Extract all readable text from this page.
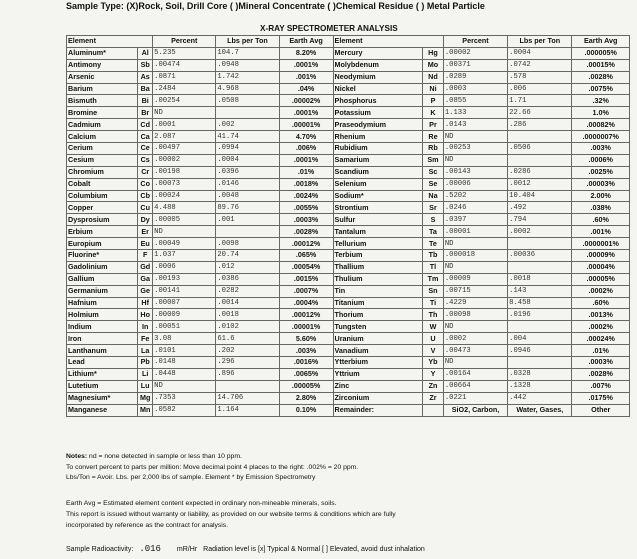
Sample Type: (X)Rock, Soil, Drill Core ( )Mineral Concentrate ( )Chemical Residue ( ) Metal Particle
X-RAY SPECTROMETER ANALYSIS
Element		Percent	Lbs per Ton	Earth Avg	Element		Percent	Lbs per Ton	Earth Avg
Aluminum*	Al	5.235	104.7	8.20%	Mercury	Hg	.00002	.0004	.000005%
Antimony	Sb	.00474	.0948	.0001%	Molybdenum	Mo	.00371	.0742	.00015%
Arsenic	As	.0871	1.742	.001%	Neodymium	Nd	.0289	.578	.0028%
Barium	Ba	.2484	4.968	.04%	Nickel	Ni	.0003	.006	.0075%
Bismuth	Bi	.00254	.0508	.00002%	Phosphorus	P	.0855	1.71	.32%
Bromine	Br	ND		.0001%	Potassium	K	1.133	22.66	1.0%
Cadmium	Cd	.0001	.002	.00001%	Praseodymium	Pr	.0143	.286	.00082%
Calcium	Ca	2.087	41.74	4.70%	Rhenium	Re	ND		.0000007%
Cerium	Ce	.00497	.0994	.006%	Rubidium	Rb	.00253	.0506	.003%
Cesium	Cs	.00002	.0004	.0001%	Samarium	Sm	ND		.0006%
Chromium	Cr	.00198	.0396	.01%	Scandium	Sc	.00143	.0286	.0025%
Cobalt	Co	.00073	.0146	.0018%	Selenium	Se	.00006	.0012	.00003%
Columbium	Cb	.00024	.0048	.0024%	Sodium*	Na	.5202	10.404	2.00%
Copper	Cu	4.488	89.76	.0055%	Strontium	Sr	.0246	.492	.038%
Dysprosium	Dy	.00005	.001	.0003%	Sulfur	S	.0397	.794	.60%
Erbium	Er	ND		.0028%	Tantalum	Ta	.00001	.0002	.001%
Europium	Eu	.00049	.0098	.00012%	Tellurium	Te	ND		.0000001%
Fluorine*	F	1.037	20.74	.065%	Terbium	Tb	.000018	.00036	.00009%
Gadolinium	Gd	.0006	.012	.00054%	Thallium	Tl	ND		.00004%
Gallium	Ga	.00193	.0386	.0015%	Thulium	Tm	.00009	.0018	.00005%
Germanium	Ge	.00141	.0282	.0007%	Tin	Sn	.00715	.143	.0002%
Hafnium	Hf	.00007	.0014	.0004%	Titanium	Ti	.4229	8.458	.60%
Holmium	Ho	.00009	.0018	.00012%	Thorium	Th	.00098	.0196	.0013%
Indium	In	.00051	.0102	.00001%	Tungsten	W	ND		.0002%
Iron	Fe	3.08	61.6	5.60%	Uranium	U	.0002	.004	.00024%
Lanthanum	La	.0101	.202	.003%	Vanadium	V	.00473	.0946	.01%
Lead	Pb	.0148	.296	.0016%	Ytterbium	Yb	ND		.0003%
Lithium*	Li	.0448	.896	.0065%	Yttrium	Y	.00164	.0328	.0028%
Lutetium	Lu	ND		.00005%	Zinc	Zn	.00664	.1328	.007%
Magnesium*	Mg	.7353	14.706	2.80%	Zirconium	Zr	.0221	.442	.0175%
Manganese	Mn	.0582	1.164	0.10%	Remainder:		SiO2, Carbon,	Water, Gases,	Other
Notes: nd = none detected in sample or less than 10 ppm.
To convert percent to parts per million: Move decimal point 4 places to the right: .002% = 20 ppm.
Lbs/Ton = Avoir. Lbs. per 2,000 lbs of sample. Element * by Emission Spectrometry
Earth Avg = Estimated element content expected in ordinary non-mineable minerals, soils.
This report is issued without warranty or liability, as provided on our website terms & conditions which are fully
incorporated by reference as the contract for analysis.
Sample Radioactivity: .016 mR/Hr Radiation level is [x] Typical & Normal [ ] Elevated, avoid dust inhalation
